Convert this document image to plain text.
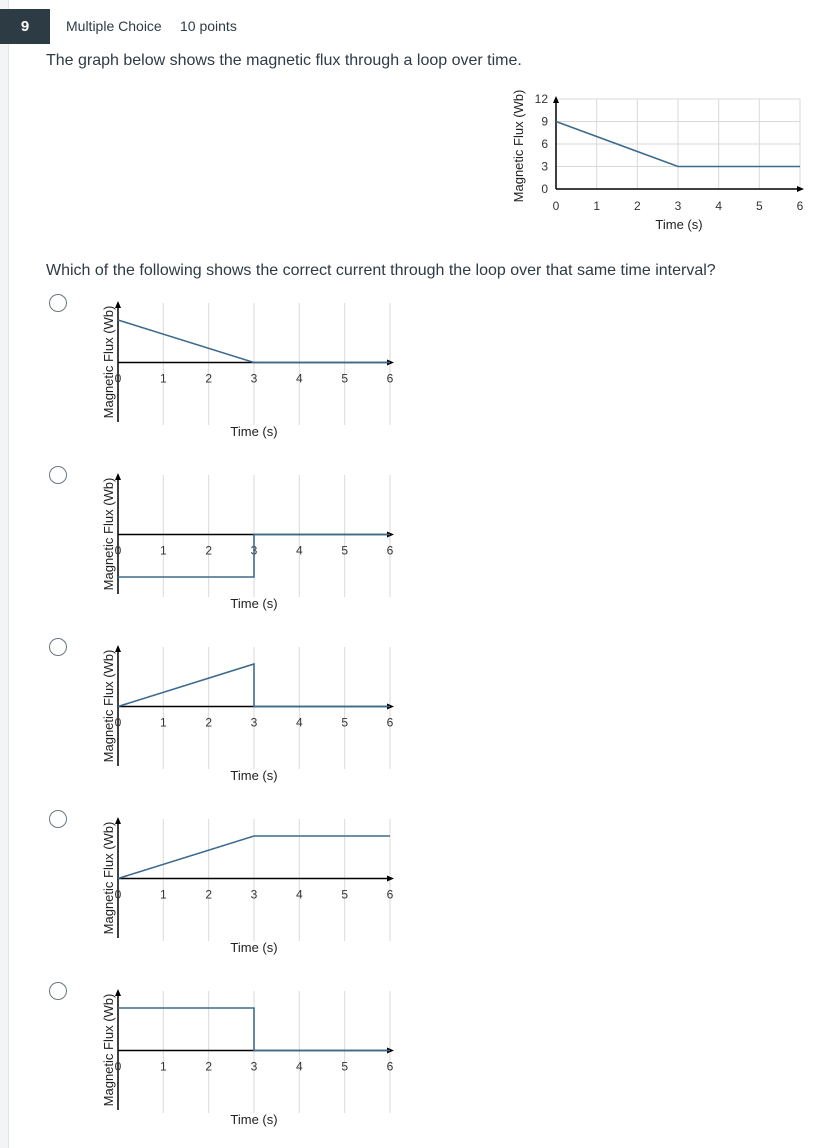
9	Multiple Choice 10 points
The graph below shows the magnetic flux through a loop over time.
0	1	2	3	4	5	6
0
3
6
9
12
Time (s)
Magnetic Flux (Wb)
Which of the following shows the correct current through the loop over that same time interval?
0	1	2	3	4	5	6
Time (s)
Magnetic Flux (Wb)
0	1	2	3	4	5	6
Time (s)
Magnetic Flux (Wb)
0	1	2	3	4	5	6
Time (s)
Magnetic Flux (Wb)
0	1	2	3	4	5	6
Time (s)
Magnetic Flux (Wb)
0	1	2	3	4	5	6
Time (s)
Magnetic Flux (Wb)
